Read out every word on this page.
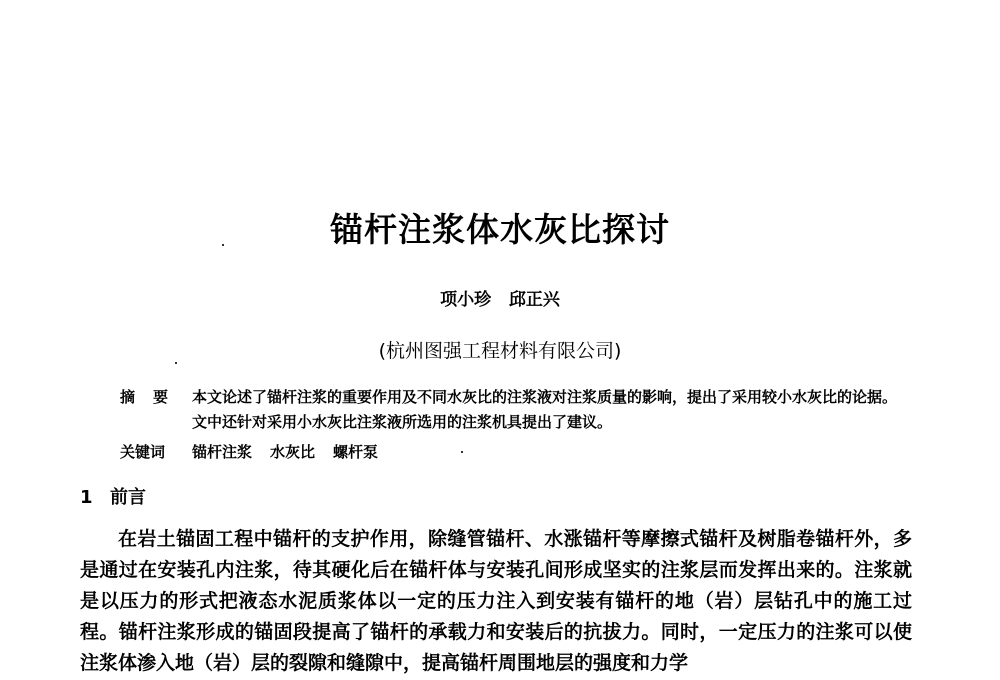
锚杆注浆体水灰比探讨
项小珍   邱正兴
(杭州图强工程材料有限公司)
摘要 本文论述了锚杆注浆的重要作用及不同水灰比的注浆液对注浆质量的影响，提出了采用较小水灰比的论据。文中还针对采用小水灰比注浆液所选用的注浆机具提出了建议。
关键词 锚杆注浆 水灰比 螺杆泵
1 前言
在岩土锚固工程中锚杆的支护作用，除缝管锚杆、水涨锚杆等摩擦式锚杆及树脂卷锚杆外，多是通过在安装孔内注浆，待其硬化后在锚杆体与安装孔间形成坚实的注浆层而发挥出来的。注浆就是以压力的形式把液态水泥质浆体以一定的压力注入到安装有锚杆的地（岩）层钻孔中的施工过程。锚杆注浆形成的锚固段提高了锚杆的承载力和安装后的抗拔力。同时，一定压力的注浆可以使注浆体渗入地（岩）层的裂隙和缝隙中，提高锚杆周围地层的强度和力学
